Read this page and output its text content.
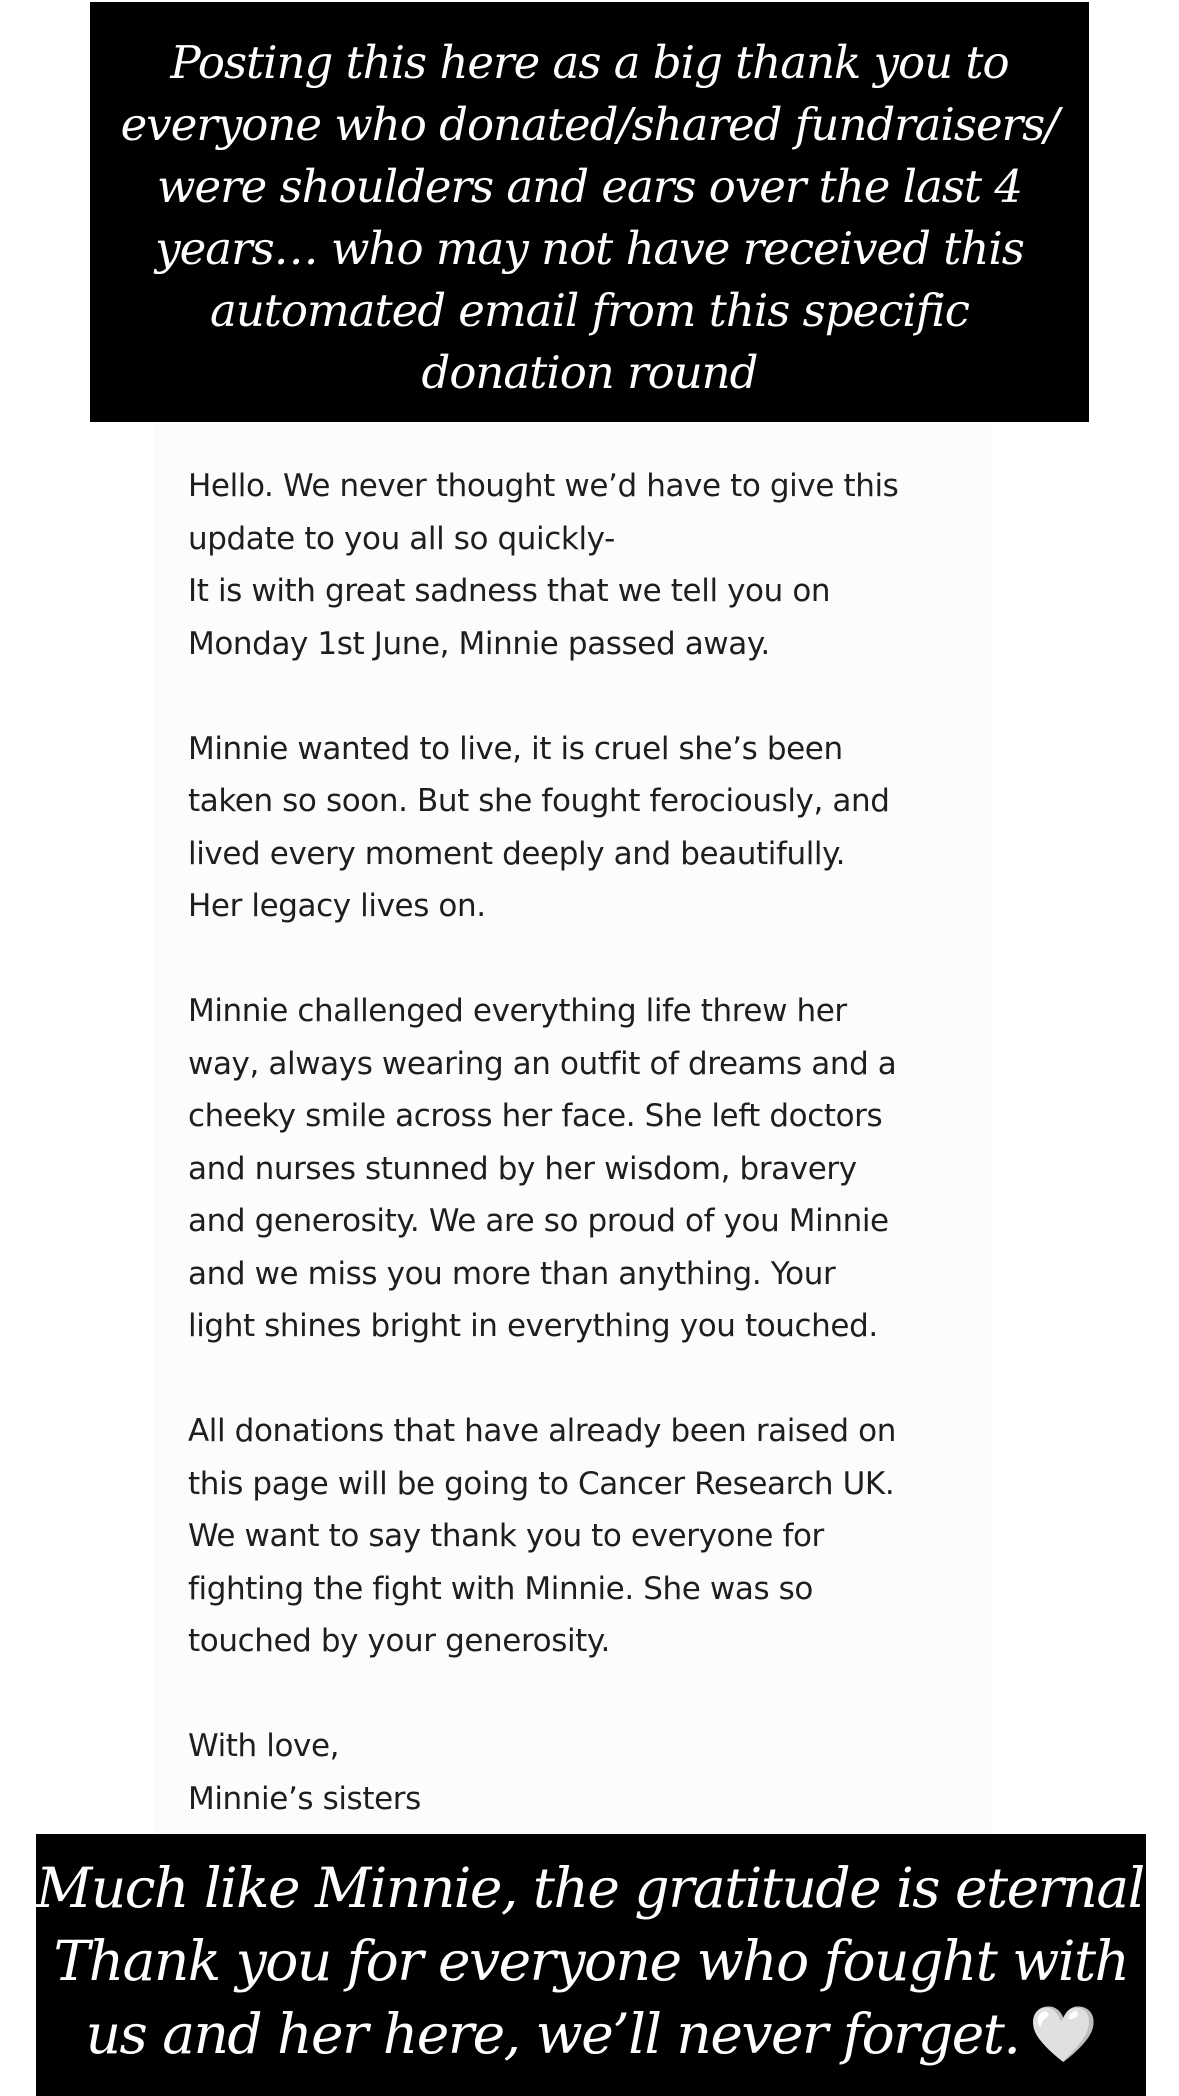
Posting this here as a big thank you to
everyone who donated/shared fundraisers/
were shoulders and ears over the last 4
years… who may not have received this
automated email from this specific
donation round

Hello. We never thought we’d have to give this
update to you all so quickly-
It is with great sadness that we tell you on
Monday 1st June, Minnie passed away.

Minnie wanted to live, it is cruel she’s been
taken so soon. But she fought ferociously, and
lived every moment deeply and beautifully.
Her legacy lives on.

Minnie challenged everything life threw her
way, always wearing an outfit of dreams and a
cheeky smile across her face. She left doctors
and nurses stunned by her wisdom, bravery
and generosity. We are so proud of you Minnie
and we miss you more than anything. Your
light shines bright in everything you touched.

All donations that have already been raised on
this page will be going to Cancer Research UK.
We want to say thank you to everyone for
fighting the fight with Minnie. She was so
touched by your generosity.

With love,
Minnie’s sisters

Much like Minnie, the gratitude is eternal.
Thank you for everyone who fought with
us and her here, we’ll never forget. 🤍
